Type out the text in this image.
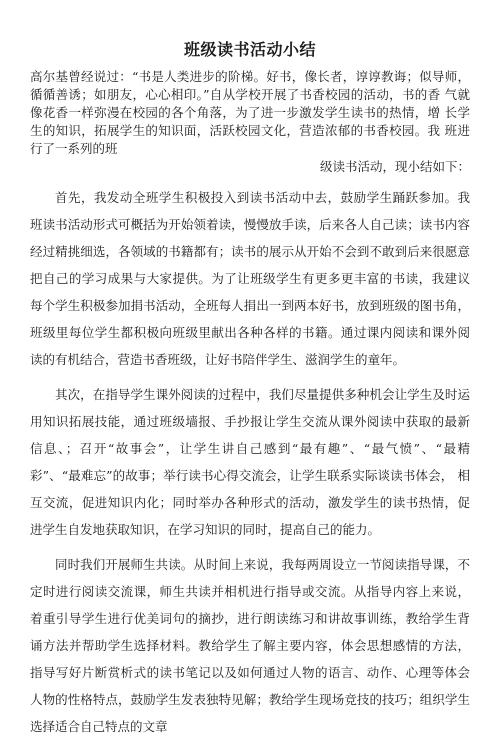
班级读书活动小结

高尔基曾经说过：“书是人类进步的阶梯。好书，像长者，谆谆教诲；似导师，循循善诱；如朋友，心心相印。”自从学校开展了书香校园的活动，书的香 气就像花香一样弥漫在校园的各个角落，为了进一步激发学生读书的热情，增 长学生的知识，拓展学生的知识面，活跃校园文化，营造浓郁的书香校园。我 班进行了一系列的班
级读书活动，现小结如下：

首先，我发动全班学生积极投入到读书活动中去，鼓励学生踊跃参加。我 班读书活动形式可概括为开始领着读，慢慢放手读，后来各人自己读；读书内容 经过精挑细选，各领域的书籍都有；读书的展示从开始不会到不敢到后来很愿意 把自己的学习成果与大家提供。为了让班级学生有更多更丰富的书读，我建议 每个学生积极参加捐书活动，全班每人捐出一到两本好书，放到班级的图书角， 班级里每位学生都积极向班级里献出各种各样的书籍。通过课内阅读和课外阅 读的有机结合，营造书香班级，让好书陪伴学生、滋润学生的童年。

其次，在指导学生课外阅读的过程中，我们尽量提供多种机会让学生及时运 用知识拓展技能，通过班级墙报、手抄报让学生交流从课外阅读中获取的最新 信息、；召开“故事会”，让学生讲自己感到“最有趣”、“最气愤”、“最精 彩”、“最难忘”的故事；举行读书心得交流会，让学生联系实际谈读书体会， 相互交流，促进知识内化；同时举办各种形式的活动，激发学生的读书热情，促 进学生自发地获取知识，在学习知识的同时，提高自己的能力。

同时我们开展师生共读。从时间上来说，我每两周设立一节阅读指导课，不 定时进行阅读交流课，师生共读并相机进行指导或交流。从指导内容上来说， 着重引导学生进行优美词句的摘抄，进行朗读练习和讲故事训练，教给学生背 诵方法并帮助学生选择材料。教给学生了解主要内容，体会思想感情的方法， 指导写好片断赏析式的读书笔记以及如何通过人物的语言、动作、心理等体会 人物的性格特点，鼓励学生发表独特见解；教给学生现场竞技的技巧；组织学生 选择适合自己特点的文章
